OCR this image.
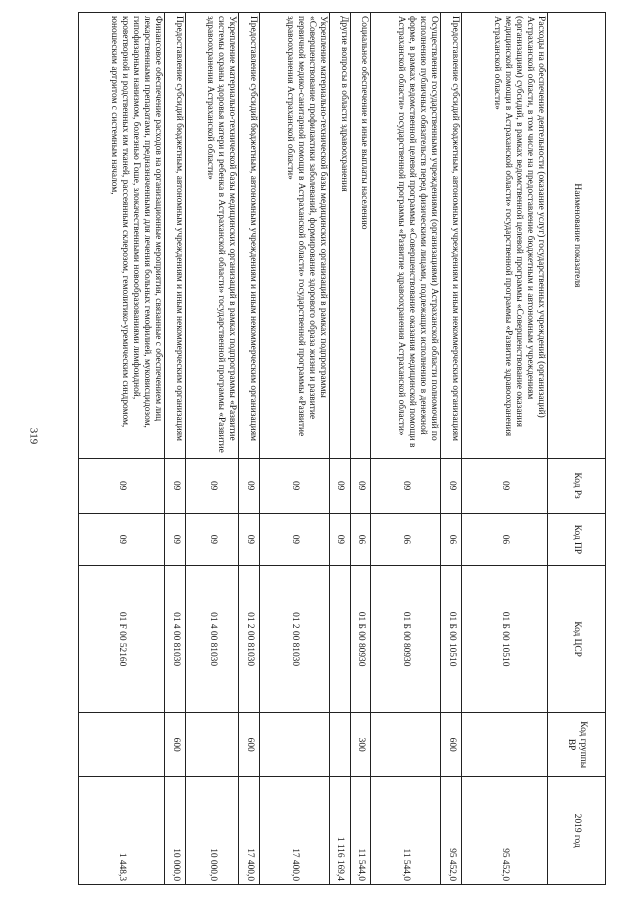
319
Наименование показателя	Код Рз	Код ПР	Код ЦСР	Код группы ВР	2019 год
Расходы на обеспечение деятельности (оказание услуг) государственных учреждений (организаций) Астраханской области, в том числе на предоставление бюджетным и автономным учреждениям (организациям) субсидий, в рамках ведомственной целевой программы «Совершенствование оказания медицинской помощи в Астраханской области» государственной программы «Развитие здравоохранения Астраханской области»	09	06	01 Б 00 10510		95 452,0
Предоставление субсидий бюджетным, автономным учреждениям и иным некоммерческим организациям	09	06	01 Б 00 10510	600	95 452,0
Осуществление государственными учреждениями (организациями) Астраханской области полномочий по исполнению публичных обязательств перед физическими лицами, подлежащих исполнению в денежной форме, в рамках ведомственной целевой программы «Совершенствование оказания медицинской помощи в Астраханской области» государственной программы «Развитие здравоохранения Астраханской области»	09	06	01 Б 00 80930		11 544,0
Социальное обеспечение и иные выплаты населению	09	06	01 Б 00 80930	300	11 544,0
Другие вопросы в области здравоохранения	09	09			1 116 169,4
Укрепление материально-технической базы медицинских организаций в рамках подпрограммы «Совершенствование профилактики заболеваний, формирование здорового образа жизни и развитие первичной медико-санитарной помощи в Астраханской области» государственной программы «Развитие здравоохранения Астраханской области»	09	09	01 2 00 81030		17 400,0
Предоставление субсидий бюджетным, автономным учреждениям и иным некоммерческим организациям	09	09	01 2 00 81030	600	17 400,0
Укрепление материально-технической базы медицинских организаций в рамках подпрограммы «Развитие системы охраны здоровья матери и ребенка в Астраханской области» государственной программы «Развитие здравоохранения Астраханской области»	09	09	01 4 00 81030		10 000,0
Предоставление субсидий бюджетным, автономным учреждениям и иным некоммерческим организациям	09	09	01 4 00 81030	600	10 000,0
Финансовое обеспечение расходов на организационные мероприятия, связанные с обеспечением лиц лекарственными препаратами, предназначенными для лечения больных гемофилией, муковисцидозом, гипофизарным нанизмом, болезнью Гоше, злокачественными новообразованиями лимфоидной, кроветворной и родственных им тканей, рассеянным склерозом, гемолитико-уремическим синдромом, юношеским артритом с системным началом,	09	09	01 F 00 52160		1 448,3
